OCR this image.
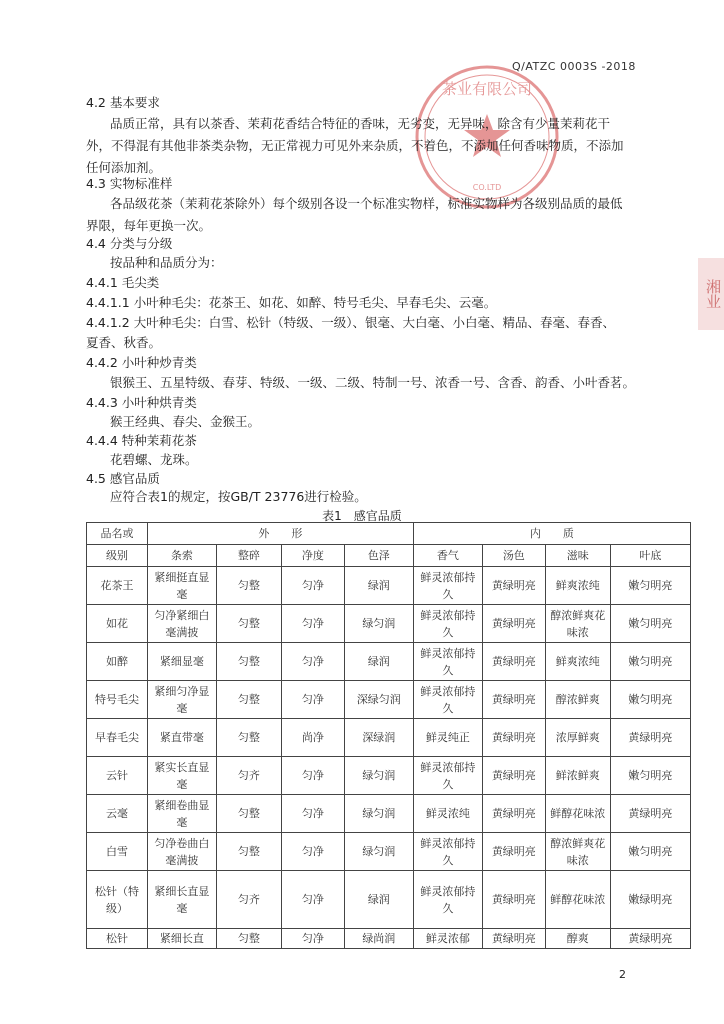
Q/ATZC 0003S -2018
茶业有限公司
CO.LTD
湘业
4.2 基本要求
品质正常，具有以茶香、茉莉花香结合特征的香味，无劣变，无异味，除含有少量茉莉花干外，不得混有其他非茶类杂物，无正常视力可见外来杂质，不着色，不添加任何香味物质，不添加任何添加剂。
4.3 实物标准样
各品级花茶（茉莉花茶除外）每个级别各设一个标准实物样，标准实物样为各级别品质的最低界限，每年更换一次。
4.4 分类与分级
按品种和品质分为：
4.4.1 毛尖类
4.4.1.1 小叶种毛尖：花茶王、如花、如醉、特号毛尖、早春毛尖、云毫。
4.4.1.2 大叶种毛尖：白雪、松针（特级、一级）、银毫、大白毫、小白毫、精品、春毫、春香、
夏香、秋香。
4.4.2 小叶种炒青类
银猴王、五星特级、春芽、特级、一级、二级、特制一号、浓香一号、含香、韵香、小叶香茗。
4.4.3 小叶种烘青类
猴王经典、春尖、金猴王。
4.4.4 特种茉莉花茶
花碧螺、龙珠。
4.5 感官品质
应符合表1的规定，按GB/T 23776进行检验。
表1　感官品质
品名或	外　　形				内　　质			
级别	条索	整碎	净度	色泽	香气	汤色	滋味	叶底
花茶王	紧细挺直显毫	匀整	匀净	绿润	鲜灵浓郁持久	黄绿明亮	鲜爽浓纯	嫩匀明亮
如花	匀净紧细白毫满披	匀整	匀净	绿匀润	鲜灵浓郁持久	黄绿明亮	醇浓鲜爽花味浓	嫩匀明亮
如醉	紧细显毫	匀整	匀净	绿润	鲜灵浓郁持久	黄绿明亮	鲜爽浓纯	嫩匀明亮
特号毛尖	紧细匀净显毫	匀整	匀净	深绿匀润	鲜灵浓郁持久	黄绿明亮	醇浓鲜爽	嫩匀明亮
早春毛尖	紧直带毫	匀整	尚净	深绿润	鲜灵纯正	黄绿明亮	浓厚鲜爽	黄绿明亮
云针	紧实长直显毫	匀齐	匀净	绿匀润	鲜灵浓郁持久	黄绿明亮	鲜浓鲜爽	嫩匀明亮
云毫	紧细卷曲显毫	匀整	匀净	绿匀润	鲜灵浓纯	黄绿明亮	鲜醇花味浓	黄绿明亮
白雪	匀净卷曲白毫满披	匀整	匀净	绿匀润	鲜灵浓郁持久	黄绿明亮	醇浓鲜爽花味浓	嫩匀明亮
松针（特级）	紧细长直显毫	匀齐	匀净	绿润	鲜灵浓郁持久	黄绿明亮	鲜醇花味浓	嫩绿明亮
松针	紧细长直	匀整	匀净	绿尚润	鲜灵浓郁	黄绿明亮	醇爽	黄绿明亮
2
